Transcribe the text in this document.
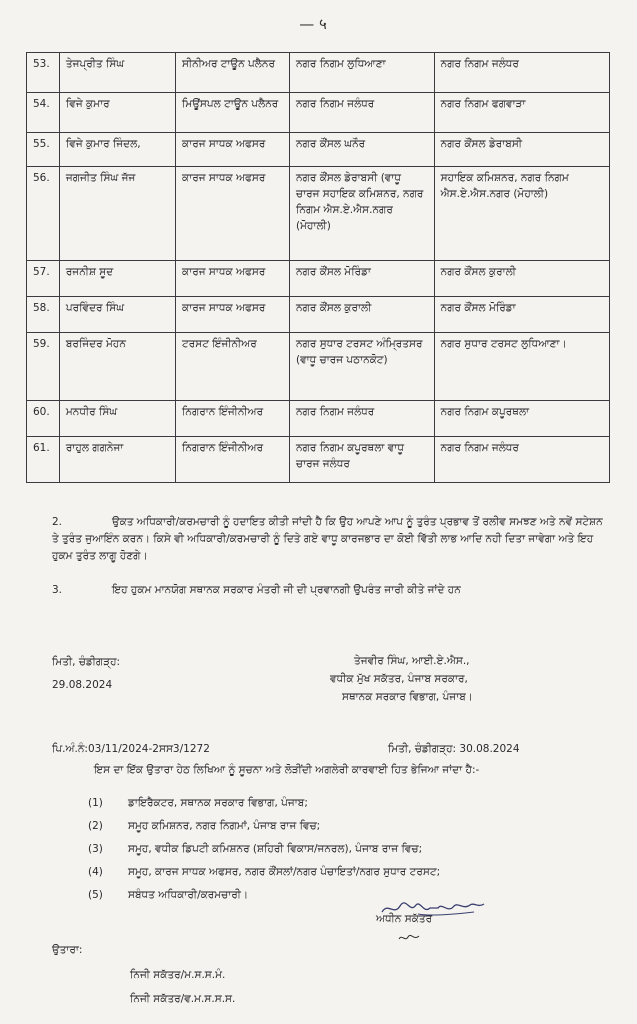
— ५
53.	ਤੇਜਪ੍ਰੀਤ ਸਿੰਘ	ਸੀਨੀਅਰ ਟਾਊਨ ਪਲੈਨਰ	ਨਗਰ ਨਿਗਮ ਲੁਧਿਆਣਾ	ਨਗਰ ਨਿਗਮ ਜਲੰਧਰ
54.	ਵਿਜੇ ਕੁਮਾਰ	ਮਿਊਂਸਪਲ ਟਾਊਨ ਪਲੈਨਰ	ਨਗਰ ਨਿਗਮ ਜਲੰਧਰ	ਨਗਰ ਨਿਗਮ ਫਗਵਾੜਾ
55.	ਵਿਜੇ ਕੁਮਾਰ ਜਿੰਦਲ,	ਕਾਰਜ ਸਾਧਕ ਅਫਸਰ	ਨਗਰ ਕੌਂਸਲ ਘਨੌਰ	ਨਗਰ ਕੌਂਸਲ ਡੇਰਾਬਸੀ
56.	ਜਗਜੀਤ ਸਿੰਘ ਜੱਜ	ਕਾਰਜ ਸਾਧਕ ਅਫਸਰ	ਨਗਰ ਕੌਂਸਲ ਡੇਰਾਬਸੀ (ਵਾਧੂ ਚਾਰਜ ਸਹਾਇਕ ਕਮਿਸ਼ਨਰ, ਨਗਰ ਨਿਗਮ ਐਸ.ਏ.ਐਸ.ਨਗਰ (ਮੋਹਾਲੀ)	ਸਹਾਇਕ ਕਮਿਸ਼ਨਰ, ਨਗਰ ਨਿਗਮ ਐਸ.ਏ.ਐਸ.ਨਗਰ (ਮੋਹਾਲੀ)
57.	ਰਜਨੀਸ਼ ਸੂਦ	ਕਾਰਜ ਸਾਧਕ ਅਫਸਰ	ਨਗਰ ਕੌਂਸਲ ਮੋਰਿੰਡਾ	ਨਗਰ ਕੌਂਸਲ ਕੁਰਾਲੀ
58.	ਪਰਵਿੰਦਰ ਸਿੰਘ	ਕਾਰਜ ਸਾਧਕ ਅਫਸਰ	ਨਗਰ ਕੌਂਸਲ ਕੁਰਾਲੀ	ਨਗਰ ਕੌਂਸਲ ਮੋਰਿੰਡਾ
59.	ਬਰਜਿੰਦਰ ਮੋਹਨ	ਟਰਸਟ ਇੰਜੀਨੀਅਰ	ਨਗਰ ਸੁਧਾਰ ਟਰਸਟ ਅੰਮ੍ਰਿਤਸਰ (ਵਾਧੂ ਚਾਰਜ ਪਠਾਨਕੋਟ)	ਨਗਰ ਸੁਧਾਰ ਟਰਸਟ ਲੁਧਿਆਣਾ।
60.	ਮਨਧੀਰ ਸਿੰਘ	ਨਿਗਰਾਨ ਇੰਜੀਨੀਅਰ	ਨਗਰ ਨਿਗਮ ਜਲੰਧਰ	ਨਗਰ ਨਿਗਮ ਕਪੂਰਥਲਾ
61.	ਰਾਹੁਲ ਗਗਨੇਜਾ	ਨਿਗਰਾਨ ਇੰਜੀਨੀਅਰ	ਨਗਰ ਨਿਗਮ ਕਪੂਰਥਲਾ ਵਾਧੂ ਚਾਰਜ ਜਲੰਧਰ	ਨਗਰ ਨਿਗਮ ਜਲੰਧਰ
2.	ਉਕਤ ਅਧਿਕਾਰੀ/ਕਰਮਚਾਰੀ ਨੂੰ ਹਦਾਇਤ ਕੀਤੀ ਜਾਂਦੀ ਹੈ ਕਿ ਉਹ ਆਪਣੇ ਆਪ ਨੂੰ ਤੁਰੰਤ ਪ੍ਰਭਾਵ ਤੋਂ ਰਲੀਵ ਸਮਝਣ ਅਤੇ ਨਵੇਂ ਸਟੇਸ਼ਨ ਤੇ ਤੁਰੰਤ ਜੁਆਇੰਨ ਕਰਨ। ਕਿਸੇ ਵੀ ਅਧਿਕਾਰੀ/ਕਰਮਚਾਰੀ ਨੂੰ ਦਿਤੇ ਗਏ ਵਾਧੂ ਕਾਰਜਭਾਰ ਦਾ ਕੋਈ ਵਿੱਤੀ ਲਾਭ ਆਦਿ ਨਹੀ ਦਿਤਾ ਜਾਵੇਗਾ ਅਤੇ ਇਹ ਹੁਕਮ ਤੁਰੰਤ ਲਾਗੂ ਹੋਣਗੇ।
3.	ਇਹ ਹੁਕਮ ਮਾਨਯੋਗ ਸਥਾਨਕ ਸਰਕਾਰ ਮੰਤਰੀ ਜੀ ਦੀ ਪ੍ਰਵਾਨਗੀ ਉਪਰੰਤ ਜਾਰੀ ਕੀਤੇ ਜਾਂਦੇ ਹਨ
ਮਿਤੀ, ਚੰਡੀਗੜ੍ਹ:
29.08.2024
ਤੇਜਵੀਰ ਸਿੰਘ, ਆਈ.ਏ.ਐਸ.,
ਵਧੀਕ ਮੁੱਖ ਸਕੱਤਰ, ਪੰਜਾਬ ਸਰਕਾਰ,
ਸਥਾਨਕ ਸਰਕਾਰ ਵਿਭਾਗ, ਪੰਜਾਬ।
ਪਿ.ਅੰ.ਨੰ:03/11/2024-2ਸਸ3/1272	ਮਿਤੀ, ਚੰਡੀਗੜ੍ਹ: 30.08.2024
ਇਸ ਦਾ ਇੱਕ ਉਤਾਰਾ ਹੇਠ ਲਿਖਿਆ ਨੂੰ ਸੂਚਨਾ ਅਤੇ ਲੋੜੀਂਦੀ ਅਗਲੇਰੀ ਕਾਰਵਾਈ ਹਿਤ ਭੇਜਿਆ ਜਾਂਦਾ ਹੈ:-
(1) ਡਾਇਰੈਕਟਰ, ਸਥਾਨਕ ਸਰਕਾਰ ਵਿਭਾਗ, ਪੰਜਾਬ;
(2) ਸਮੂਹ ਕਮਿਸ਼ਨਰ, ਨਗਰ ਨਿਗਮਾਂ, ਪੰਜਾਬ ਰਾਜ ਵਿਚ;
(3) ਸਮੂਹ, ਵਧੀਕ ਡਿਪਟੀ ਕਮਿਸ਼ਨਰ (ਸ਼ਹਿਰੀ ਵਿਕਾਸ/ਜਨਰਲ), ਪੰਜਾਬ ਰਾਜ ਵਿਚ;
(4) ਸਮੂਹ, ਕਾਰਜ ਸਾਧਕ ਅਫਸਰ, ਨਗਰ ਕੌਂਸਲਾਂ/ਨਗਰ ਪੰਚਾਇਤਾਂ/ਨਗਰ ਸੁਧਾਰ ਟਰਸਟ;
(5) ਸਬੰਧਤ ਅਧਿਕਾਰੀ/ਕਰਮਚਾਰੀ।
ਅਧੀਨ ਸਕੱਤਰ
ਉਤਾਰਾ:
ਨਿਜੀ ਸਕੱਤਰ/ਮ.ਸ.ਸ.ਮੰ.
ਨਿਜੀ ਸਕੱਤਰ/ਵ.ਮ.ਸ.ਸ.ਸ.
